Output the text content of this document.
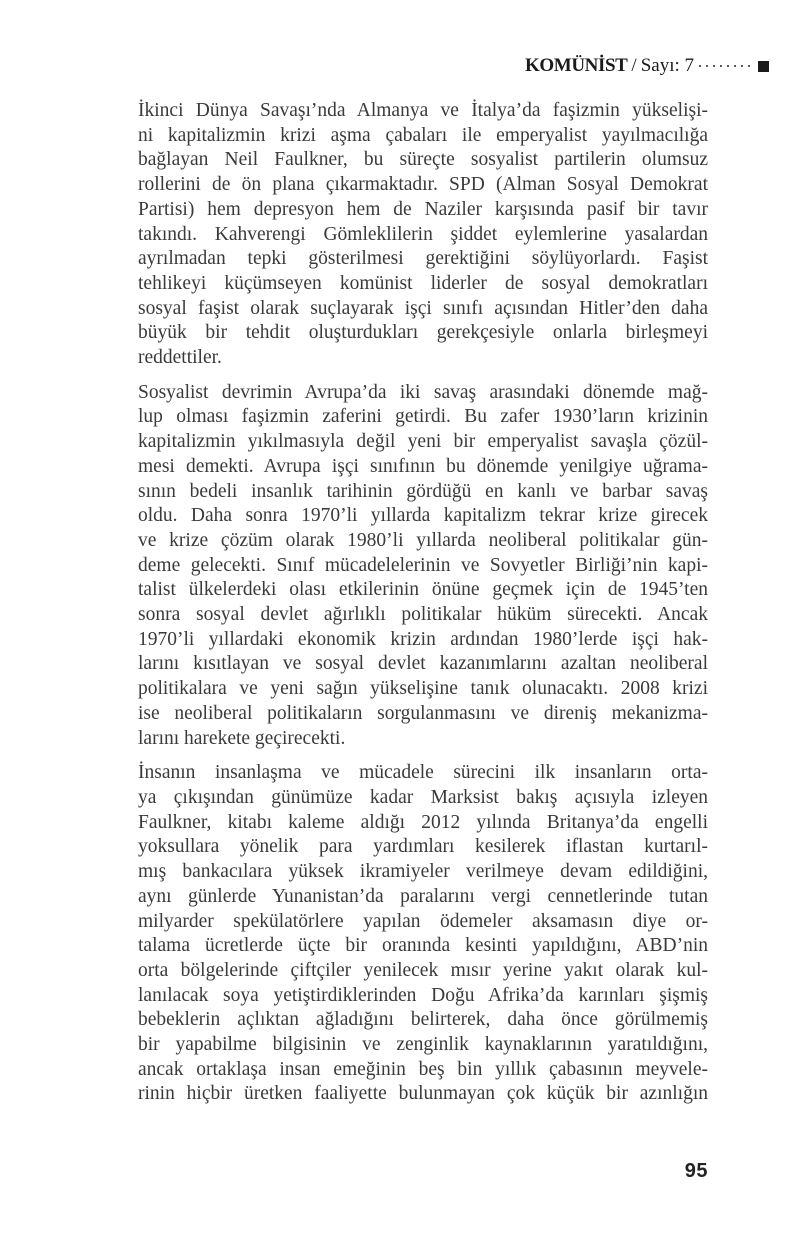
KOMÜNİST / Sayı: 7
İkinci Dünya Savaşı’nda Almanya ve İtalya’da faşizmin yükselişi-
ni kapitalizmin krizi aşma çabaları ile emperyalist yayılmacılığa
bağlayan Neil Faulkner, bu süreçte sosyalist partilerin olumsuz
rollerini de ön plana çıkarmaktadır. SPD (Alman Sosyal Demokrat
Partisi) hem depresyon hem de Naziler karşısında pasif bir tavır
takındı. Kahverengi Gömleklilerin şiddet eylemlerine yasalardan
ayrılmadan tepki gösterilmesi gerektiğini söylüyorlardı. Faşist
tehlikeyi küçümseyen komünist liderler de sosyal demokratları
sosyal faşist olarak suçlayarak işçi sınıfı açısından Hitler’den daha
büyük bir tehdit oluşturdukları gerekçesiyle onlarla birleşmeyi
reddettiler.
Sosyalist devrimin Avrupa’da iki savaş arasındaki dönemde mağ-
lup olması faşizmin zaferini getirdi. Bu zafer 1930’ların krizinin
kapitalizmin yıkılmasıyla değil yeni bir emperyalist savaşla çözül-
mesi demekti. Avrupa işçi sınıfının bu dönemde yenilgiye uğrama-
sının bedeli insanlık tarihinin gördüğü en kanlı ve barbar savaş
oldu. Daha sonra 1970’li yıllarda kapitalizm tekrar krize girecek
ve krize çözüm olarak 1980’li yıllarda neoliberal politikalar gün-
deme gelecekti. Sınıf mücadelelerinin ve Sovyetler Birliği’nin kapi-
talist ülkelerdeki olası etkilerinin önüne geçmek için de 1945’ten
sonra sosyal devlet ağırlıklı politikalar hüküm sürecekti. Ancak
1970’li yıllardaki ekonomik krizin ardından 1980’lerde işçi hak-
larını kısıtlayan ve sosyal devlet kazanımlarını azaltan neoliberal
politikalara ve yeni sağın yükselişine tanık olunacaktı. 2008 krizi
ise neoliberal politikaların sorgulanmasını ve direniş mekanizma-
larını harekete geçirecekti.
İnsanın insanlaşma ve mücadele sürecini ilk insanların orta-
ya çıkışından günümüze kadar Marksist bakış açısıyla izleyen
Faulkner, kitabı kaleme aldığı 2012 yılında Britanya’da engelli
yoksullara yönelik para yardımları kesilerek iflastan kurtarıl-
mış bankacılara yüksek ikramiyeler verilmeye devam edildiğini,
aynı günlerde Yunanistan’da paralarını vergi cennetlerinde tutan
milyarder spekülatörlere yapılan ödemeler aksamasın diye or-
talama ücretlerde üçte bir oranında kesinti yapıldığını, ABD’nin
orta bölgelerinde çiftçiler yenilecek mısır yerine yakıt olarak kul-
lanılacak soya yetiştirdiklerinden Doğu Afrika’da karınları şişmiş
bebeklerin açlıktan ağladığını belirterek, daha önce görülmemiş
bir yapabilme bilgisinin ve zenginlik kaynaklarının yaratıldığını,
ancak ortaklaşa insan emeğinin beş bin yıllık çabasının meyvele-
rinin hiçbir üretken faaliyette bulunmayan çok küçük bir azınlığın
95
